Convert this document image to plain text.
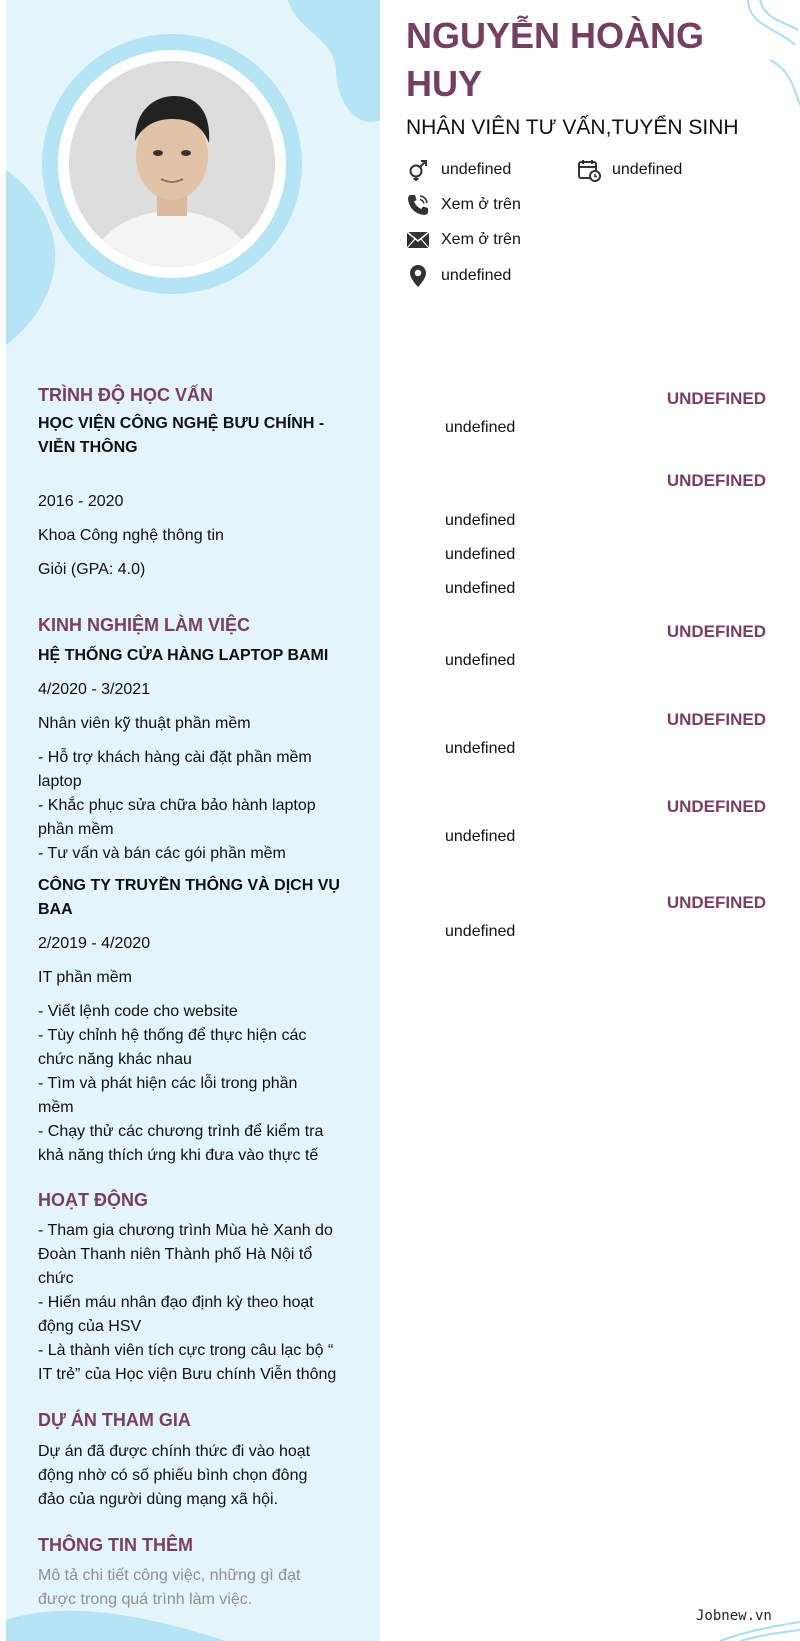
TRÌNH ĐỘ HỌC VẤN
HỌC VIỆN CÔNG NGHỆ BƯU CHÍNH -
VIỄN THÔNG
2016 - 2020
Khoa Công nghệ thông tin
Giỏi (GPA: 4.0)
KINH NGHIỆM LÀM VIỆC
HỆ THỐNG CỬA HÀNG LAPTOP BAMI
4/2020 - 3/2021
Nhân viên kỹ thuật phần mềm
- Hỗ trợ khách hàng cài đặt phần mềm
laptop
- Khắc phục sửa chữa bảo hành laptop
phần mềm
- Tư vấn và bán các gói phần mềm
CÔNG TY TRUYỀN THÔNG VÀ DỊCH VỤ
BAA
2/2019 - 4/2020
IT phần mềm
- Viết lệnh code cho website
- Tùy chỉnh hệ thống để thực hiện các
chức năng khác nhau
- Tìm và phát hiện các lỗi trong phần
mềm
- Chạy thử các chương trình để kiểm tra
khả năng thích ứng khi đưa vào thực tế
HOẠT ĐỘNG
- Tham gia chương trình Mùa hè Xanh do
Đoàn Thanh niên Thành phố Hà Nội tổ
chức
- Hiến máu nhân đạo định kỳ theo hoạt
động của HSV
- Là thành viên tích cực trong câu lạc bộ “
IT trẻ” của Học viện Bưu chính Viễn thông
DỰ ÁN THAM GIA
Dự án đã được chính thức đi vào hoạt
động nhờ có số phiếu bình chọn đông
đảo của người dùng mạng xã hội.
THÔNG TIN THÊM
Mô tả chi tiết công việc, những gì đạt
được trong quá trình làm việc.
NGUYỄN HOÀNG HUY
NHÂN VIÊN TƯ VẤN,TUYỂN SINH
undefined	undefined
Xem ở trên
Xem ở trên
undefined
UNDEFINED
undefined
UNDEFINED
undefined
undefined
undefined
UNDEFINED
undefined
UNDEFINED
undefined
UNDEFINED
undefined
UNDEFINED
undefined
Jobnew.vn
